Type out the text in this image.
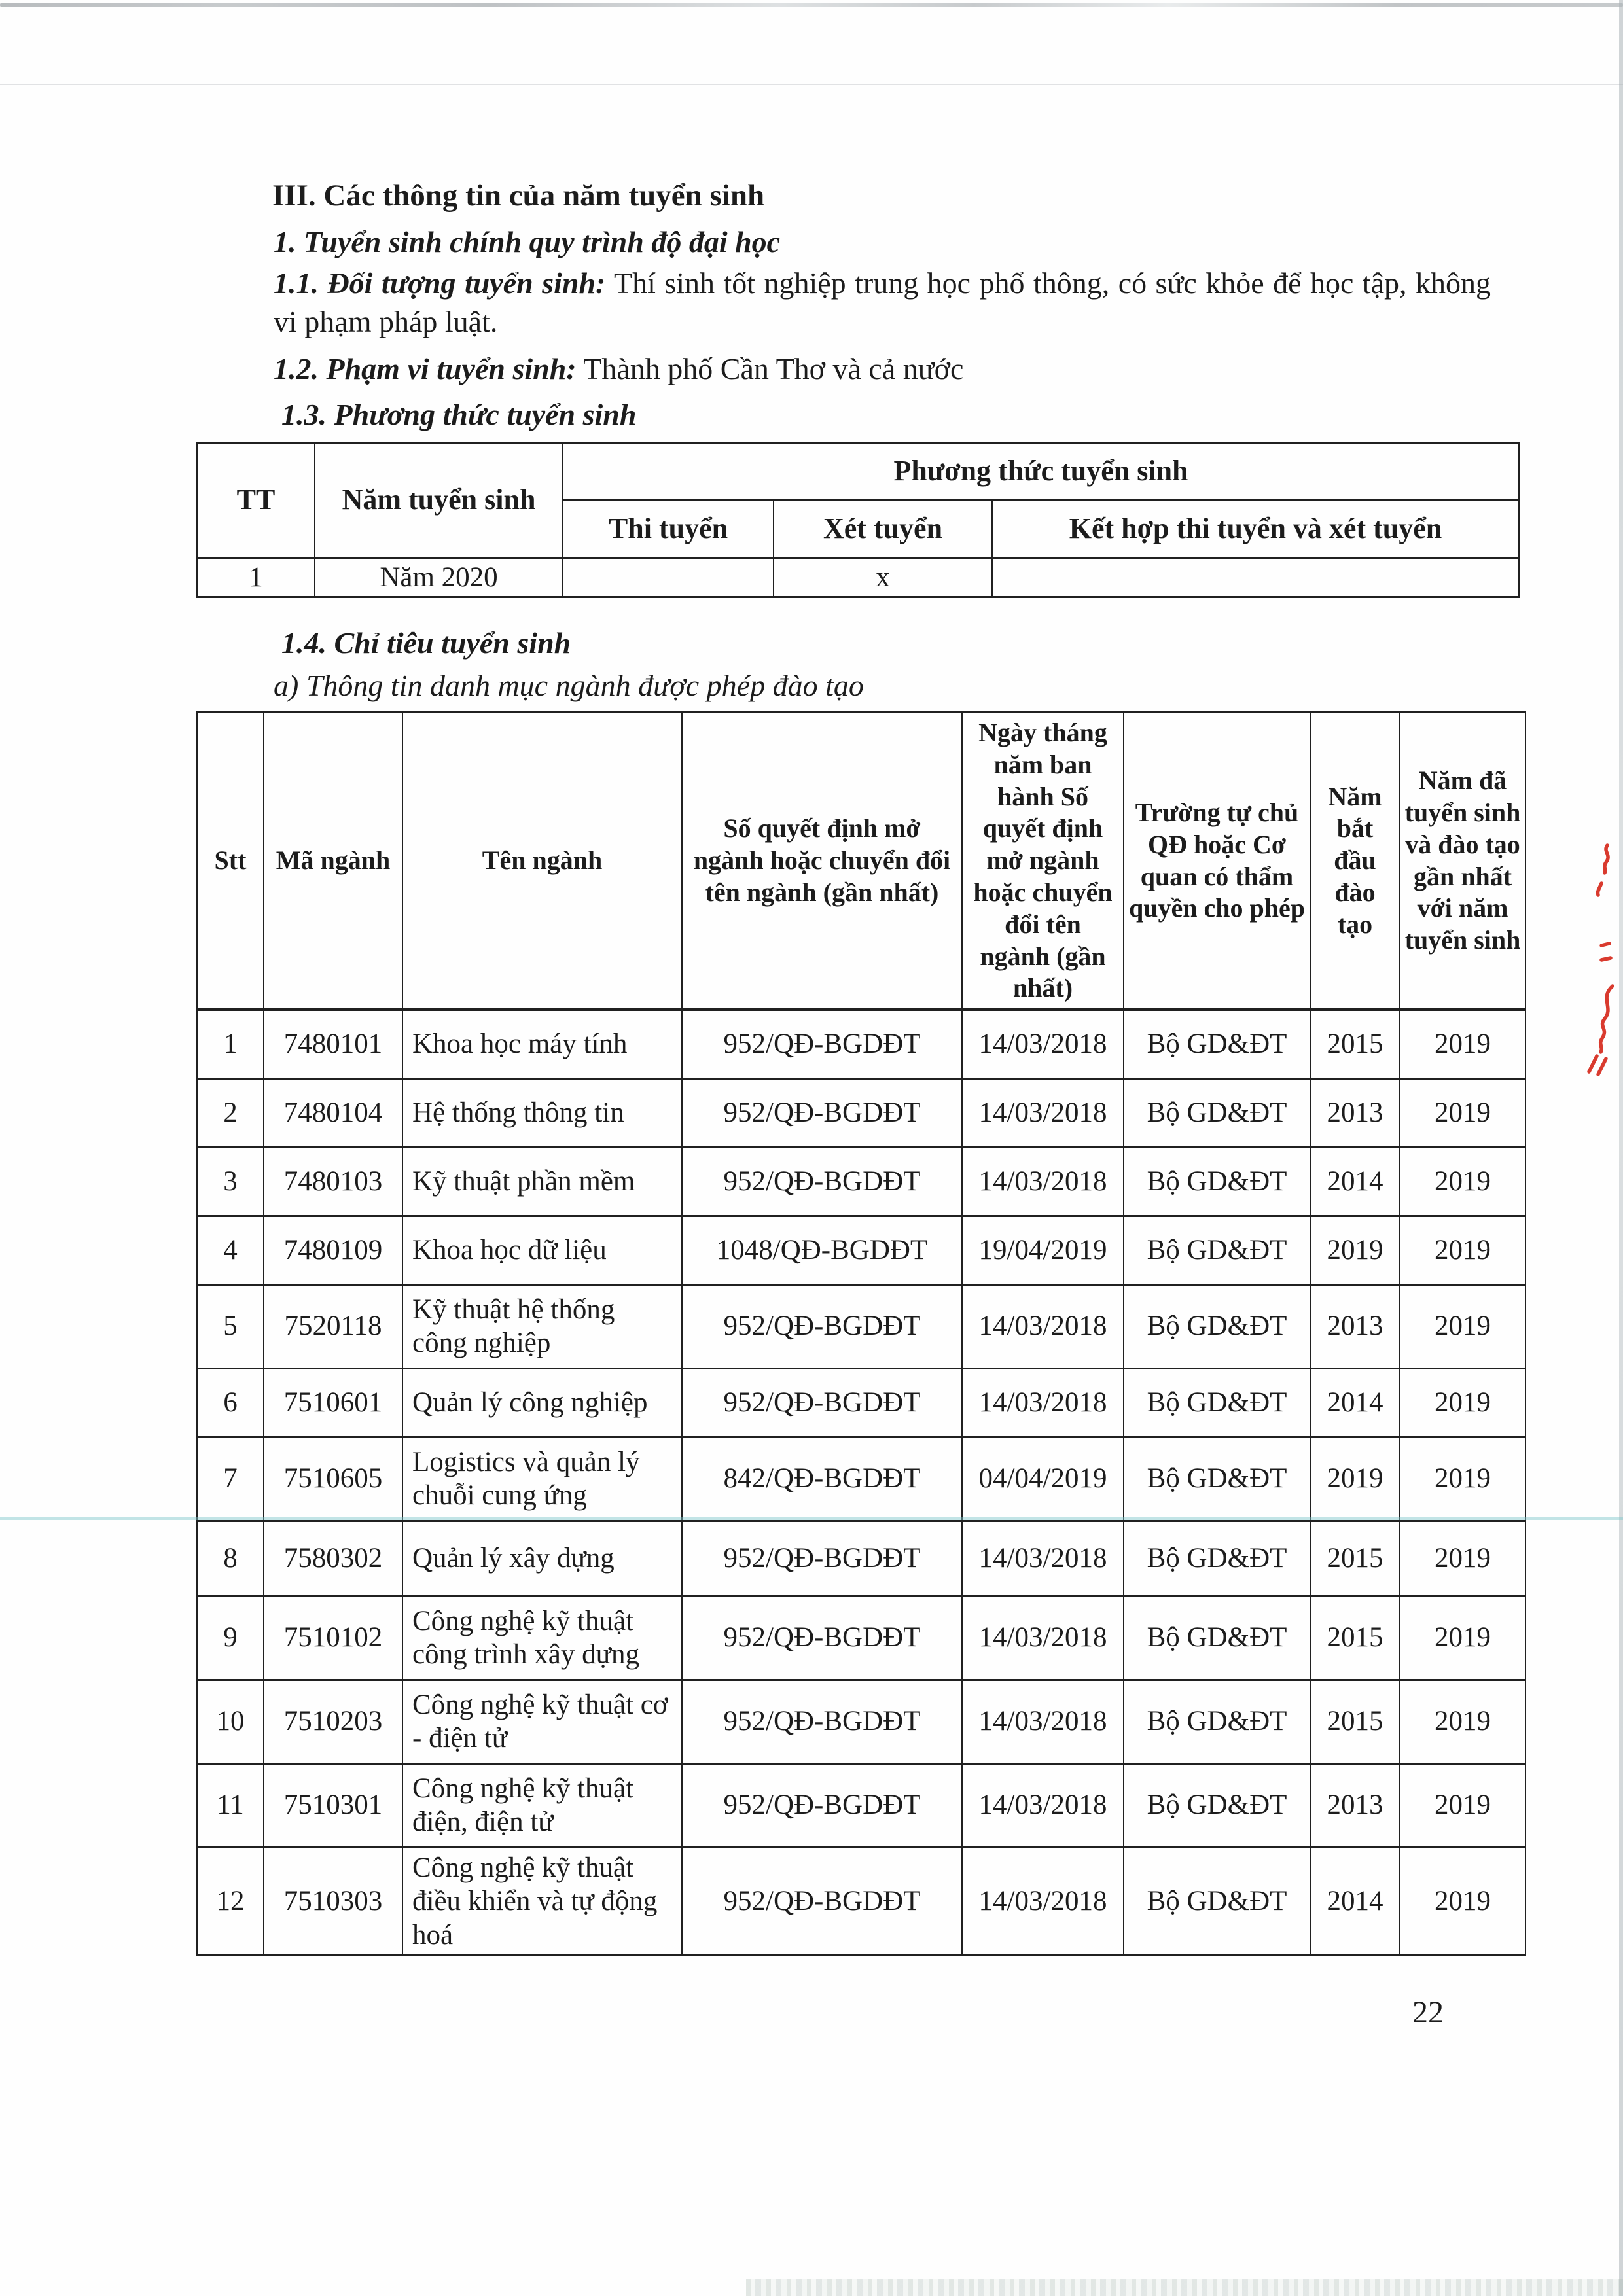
III. Các thông tin của năm tuyển sinh

1. Tuyển sinh chính quy trình độ đại học

1.1. Đối tượng tuyển sinh: Thí sinh tốt nghiệp trung học phổ thông, có sức khỏe để học tập, không vi phạm pháp luật.

1.2. Phạm vi tuyển sinh: Thành phố Cần Thơ và cả nước

1.3. Phương thức tuyển sinh

TT	Năm tuyển sinh	Phương thức tuyển sinh		
		Thi tuyển	Xét tuyển	Kết hợp thi tuyển và xét tuyển
1	Năm 2020		x	

1.4. Chỉ tiêu tuyển sinh

a) Thông tin danh mục ngành được phép đào tạo

Stt	Mã ngành	Tên ngành	Số quyết định mở ngành hoặc chuyển đổi tên ngành (gần nhất)	Ngày tháng năm ban hành Số quyết định mở ngành hoặc chuyển đổi tên ngành (gần nhất)	Trường tự chủ QĐ hoặc Cơ quan có thẩm quyền cho phép	Năm bắt đầu đào tạo	Năm đã tuyển sinh và đào tạo gần nhất với năm tuyển sinh
1	7480101	Khoa học máy tính	952/QĐ-BGDĐT	14/03/2018	Bộ GD&ĐT	2015	2019
2	7480104	Hệ thống thông tin	952/QĐ-BGDĐT	14/03/2018	Bộ GD&ĐT	2013	2019
3	7480103	Kỹ thuật phần mềm	952/QĐ-BGDĐT	14/03/2018	Bộ GD&ĐT	2014	2019
4	7480109	Khoa học dữ liệu	1048/QĐ-BGDĐT	19/04/2019	Bộ GD&ĐT	2019	2019
5	7520118	Kỹ thuật hệ thống công nghiệp	952/QĐ-BGDĐT	14/03/2018	Bộ GD&ĐT	2013	2019
6	7510601	Quản lý công nghiệp	952/QĐ-BGDĐT	14/03/2018	Bộ GD&ĐT	2014	2019
7	7510605	Logistics và quản lý chuỗi cung ứng	842/QĐ-BGDĐT	04/04/2019	Bộ GD&ĐT	2019	2019
8	7580302	Quản lý xây dựng	952/QĐ-BGDĐT	14/03/2018	Bộ GD&ĐT	2015	2019
9	7510102	Công nghệ kỹ thuật công trình xây dựng	952/QĐ-BGDĐT	14/03/2018	Bộ GD&ĐT	2015	2019
10	7510203	Công nghệ kỹ thuật cơ - điện tử	952/QĐ-BGDĐT	14/03/2018	Bộ GD&ĐT	2015	2019
11	7510301	Công nghệ kỹ thuật điện, điện tử	952/QĐ-BGDĐT	14/03/2018	Bộ GD&ĐT	2013	2019
12	7510303	Công nghệ kỹ thuật điều khiển và tự động hoá	952/QĐ-BGDĐT	14/03/2018	Bộ GD&ĐT	2014	2019
22
